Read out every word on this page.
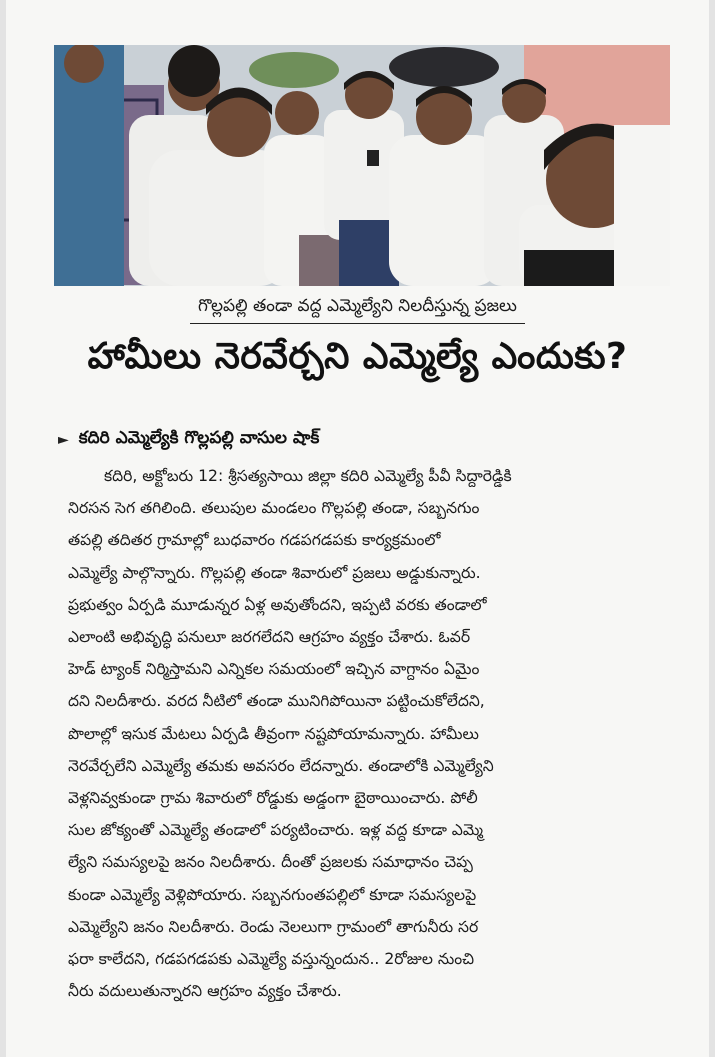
గొల్లపల్లి తండా వద్ద ఎమ్మెల్యేని నిలదీస్తున్న ప్రజలు
హామీలు నెరవేర్చని ఎమ్మెల్యే ఎందుకు?
► కదిరి ఎమ్మెల్యేకి గొల్లపల్లి వాసుల షాక్
కదిరి, అక్టోబరు 12: శ్రీసత్యసాయి జిల్లా కదిరి ఎమ్మెల్యే పీవీ సిద్దారెడ్డికి
నిరసన సెగ తగిలింది. తలుపుల మండలం గొల్లపల్లి తండా, సబ్బనగుం
తపల్లి తదితర గ్రామాల్లో బుధవారం గడపగడపకు కార్యక్రమంలో
ఎమ్మెల్యే పాల్గొన్నారు. గొల్లపల్లి తండా శివారులో ప్రజలు అడ్డుకున్నారు.
ప్రభుత్వం ఏర్పడి మూడున్నర ఏళ్ల అవుతోందని, ఇప్పటి వరకు తండాలో
ఎలాంటి అభివృద్ధి పనులూ జరగలేదని ఆగ్రహం వ్యక్తం చేశారు. ఓవర్
హెడ్ ట్యాంక్ నిర్మిస్తామని ఎన్నికల సమయంలో ఇచ్చిన వాగ్దానం ఏమైం
దని నిలదీశారు. వరద నీటిలో తండా మునిగిపోయినా పట్టించుకోలేదని,
పొలాల్లో ఇసుక మేటలు ఏర్పడి తీవ్రంగా నష్టపోయామన్నారు. హామీలు
నెరవేర్చలేని ఎమ్మెల్యే తమకు అవసరం లేదన్నారు. తండాలోకి ఎమ్మెల్యేని
వెళ్లనివ్వకుండా గ్రామ శివారులో రోడ్డుకు అడ్డంగా బైఠాయించారు. పోలీ
సుల జోక్యంతో ఎమ్మెల్యే తండాలో పర్యటించారు. ఇళ్ల వద్ద కూడా ఎమ్మె
ల్యేని సమస్యలపై జనం నిలదీశారు. దీంతో ప్రజలకు సమాధానం చెప్ప
కుండా ఎమ్మెల్యే వెళ్లిపోయారు. సబ్బనగుంతపల్లిలో కూడా సమస్యలపై
ఎమ్మెల్యేని జనం నిలదీశారు. రెండు నెలలుగా గ్రామంలో తాగునీరు సర
ఫరా కాలేదని, గడపగడపకు ఎమ్మెల్యే వస్తున్నందున.. 2రోజుల నుంచి
నీరు వదులుతున్నారని ఆగ్రహం వ్యక్తం చేశారు.
